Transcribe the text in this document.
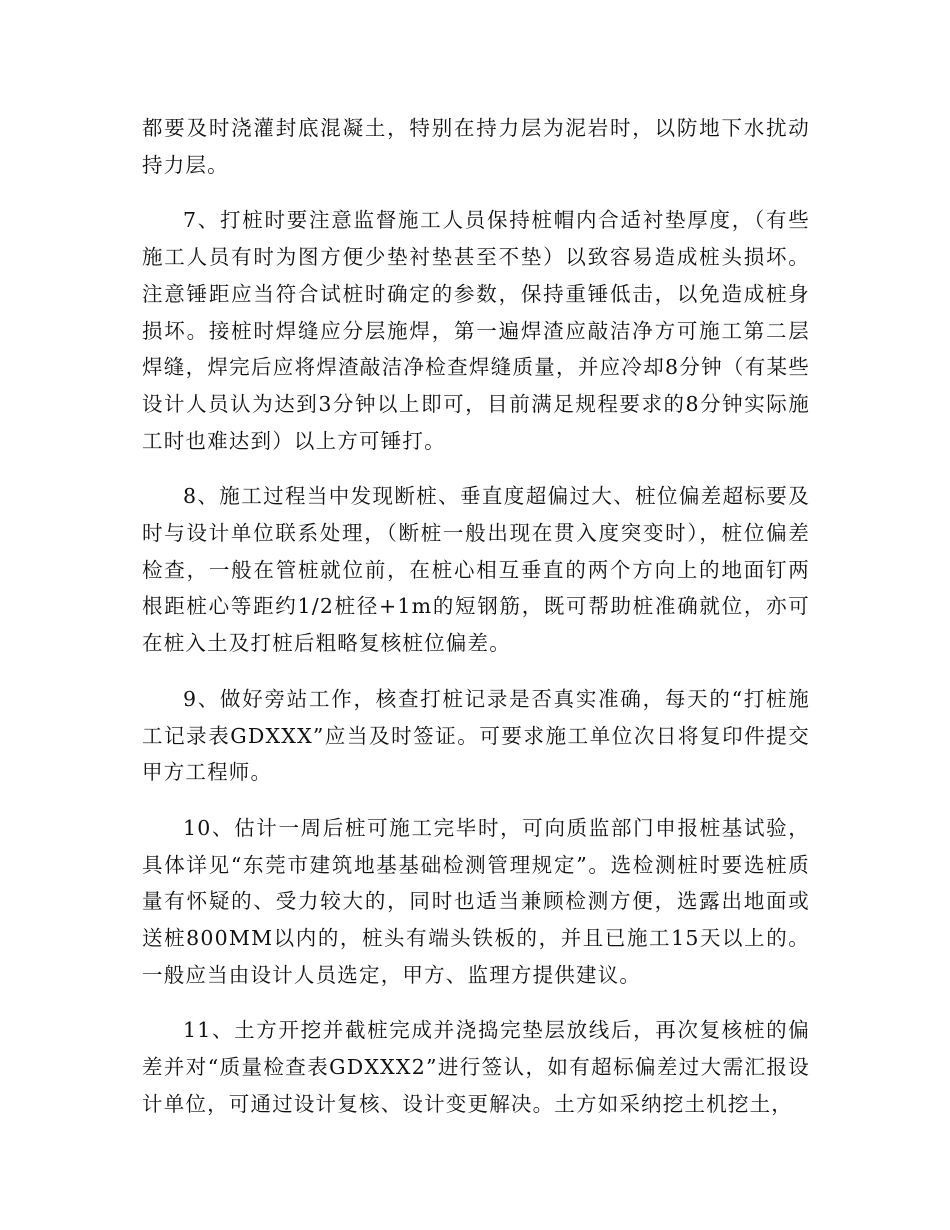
都要及时浇灌封底混凝土，特别在持力层为泥岩时，以防地下水扰动持力层。

7、打桩时要注意监督施工人员保持桩帽内合适衬垫厚度，（有些施工人员有时为图方便少垫衬垫甚至不垫）以致容易造成桩头损坏。注意锤距应当符合试桩时确定的参数，保持重锤低击，以免造成桩身损坏。接桩时焊缝应分层施焊，第一遍焊渣应敲洁净方可施工第二层焊缝，焊完后应将焊渣敲洁净检查焊缝质量，并应冷却8分钟（有某些设计人员认为达到3分钟以上即可，目前满足规程要求的8分钟实际施工时也难达到）以上方可锤打。

8、施工过程当中发现断桩、垂直度超偏过大、桩位偏差超标要及时与设计单位联系处理，（断桩一般出现在贯入度突变时），桩位偏差检查，一般在管桩就位前，在桩心相互垂直的两个方向上的地面钉两根距桩心等距约1/2桩径+1m的短钢筋，既可帮助桩准确就位，亦可在桩入土及打桩后粗略复核桩位偏差。

9、做好旁站工作，核查打桩记录是否真实准确，每天的“打桩施工记录表GDXXX”应当及时签证。可要求施工单位次日将复印件提交甲方工程师。

10、估计一周后桩可施工完毕时，可向质监部门申报桩基试验，具体详见“东莞市建筑地基基础检测管理规定”。选检测桩时要选桩质量有怀疑的、受力较大的，同时也适当兼顾检测方便，选露出地面或送桩800MM以内的，桩头有端头铁板的，并且已施工15天以上的。一般应当由设计人员选定，甲方、监理方提供建议。

11、土方开挖并截桩完成并浇捣完垫层放线后，再次复核桩的偏差并对“质量检查表GDXXX2”进行签认，如有超标偏差过大需汇报设计单位，可通过设计复核、设计变更解决。土方如采纳挖土机挖土，
